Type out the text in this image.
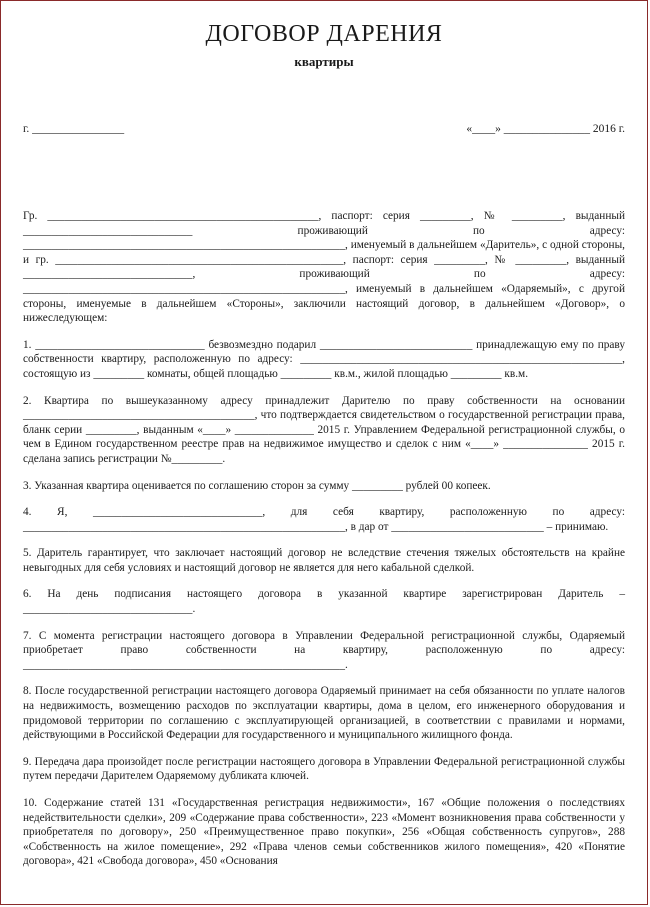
ДОГОВОР ДАРЕНИЯ
квартиры
г. ________________	«____» _______________ 2016 г.

Гр. ________________________________________________, паспорт: серия _________, № _________, выданный ______________________________ проживающий по адресу: _________________________________________________________, именуемый в дальнейшем «Даритель», с одной стороны, и гр. ___________________________________________________, паспорт: серия _________, № _________, выданный ______________________________, проживающий по адресу: _________________________________________________________, именуемый в дальнейшем «Одаряемый», с другой стороны, именуемые в дальнейшем «Стороны», заключили настоящий договор, в дальнейшем «Договор», о нижеследующем:

1. ______________________________ безвозмездно подарил ___________________________ принадлежащую ему по праву собственности квартиру, расположенную по адресу: _________________________________________________________, состоящую из _________ комнаты, общей площадью _________ кв.м., жилой площадью _________ кв.м.

2. Квартира по вышеуказанному адресу принадлежит Дарителю по праву собственности на основании _________________________________________, что подтверждается свидетельством о государственной регистрации права, бланк серии _________, выданным «____» ______________ 2015 г. Управлением Федеральной регистрационной службы, о чем в Едином государственном реестре прав на недвижимое имущество и сделок с ним «____» _______________ 2015 г. сделана запись регистрации №_________.

3. Указанная квартира оценивается по соглашению сторон за сумму _________ рублей 00 копеек.

4. Я, ______________________________, для себя квартиру, расположенную по адресу: _________________________________________________________, в дар от ___________________________ – принимаю.

5. Даритель гарантирует, что заключает настоящий договор не вследствие стечения тяжелых обстоятельств на крайне невыгодных для себя условиях и настоящий договор не является для него кабальной сделкой.

6. На день подписания настоящего договора в указанной квартире зарегистрирован Даритель – ______________________________.

7. С момента регистрации настоящего договора в Управлении Федеральной регистрационной службы, Одаряемый приобретает право собственности на квартиру, расположенную по адресу: _________________________________________________________.

8. После государственной регистрации настоящего договора Одаряемый принимает на себя обязанности по уплате налогов на недвижимость, возмещению расходов по эксплуатации квартиры, дома в целом, его инженерного оборудования и придомовой территории по соглашению с эксплуатирующей организацией, в соответствии с правилами и нормами, действующими в Российской Федерации для государственного и муниципального жилищного фонда.

9. Передача дара произойдет после регистрации настоящего договора в Управлении Федеральной регистрационной службы путем передачи Дарителем Одаряемому дубликата ключей.

10. Содержание статей 131 «Государственная регистрация недвижимости», 167 «Общие положения о последствиях недействительности сделки», 209 «Содержание права собственности», 223 «Момент возникновения права собственности у приобретателя по договору», 250 «Преимущественное право покупки», 256 «Общая собственность супругов», 288 «Собственность на жилое помещение», 292 «Права членов семьи собственников жилого помещения», 420 «Понятие договора», 421 «Свобода договора», 450 «Основания
